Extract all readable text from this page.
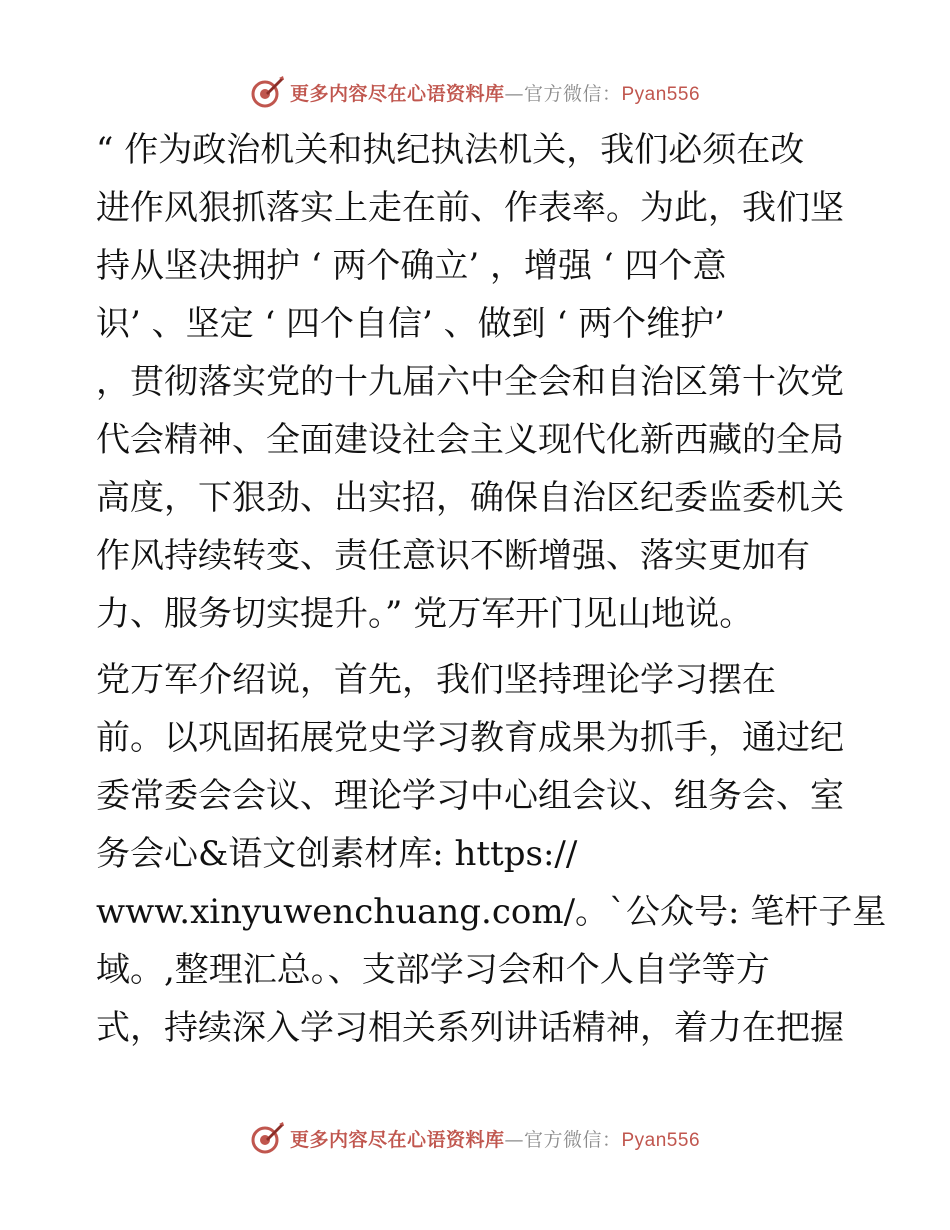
更多内容尽在心语资料库—官方微信：Pyan556

“ 作为政治机关和执纪执法机关，我们必须在改
进作风狠抓落实上走在前、作表率。为此，我们坚
持从坚决拥护 ‘ 两个确立’ ，增强 ‘ 四个意
识’ 、坚定 ‘ 四个自信’ 、做到 ‘ 两个维护’
，贯彻落实党的十九届六中全会和自治区第十次党
代会精神、全面建设社会主义现代化新西藏的全局
高度，下狠劲、出实招，确保自治区纪委监委机关
作风持续转变、责任意识不断增强、落实更加有
力、服务切实提升。” 党万军开门见山地说。

党万军介绍说，首先，我们坚持理论学习摆在
前。以巩固拓展党史学习教育成果为抓手，通过纪
委常委会会议、理论学习中心组会议、组务会、室
务会心&语文创素材库: https://
www.xinyuwenchuang.com/。`公众号: 笔杆子星
域。,整理汇总。、支部学习会和个人自学等方
式，持续深入学习相关系列讲话精神，着力在把握

更多内容尽在心语资料库—官方微信：Pyan556
